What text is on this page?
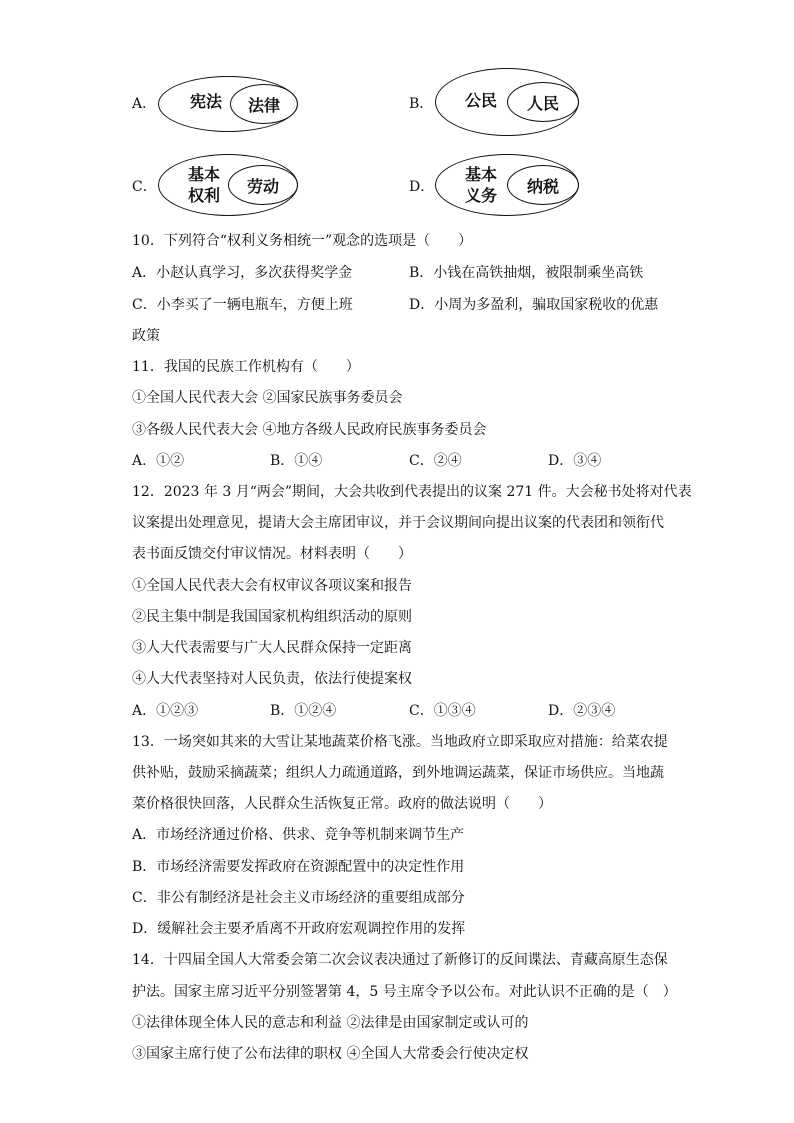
A．	宪法	法律	B．	公民	人民
C．
基本
权利	劳动	D．
基本
义务	纳税
10．下列符合“权利义务相统一”观念的选项是（　　）
A．小赵认真学习，多次获得奖学金	B．小钱在高铁抽烟，被限制乘坐高铁
C．小李买了一辆电瓶车，方便上班	D．小周为多盈利，骗取国家税收的优惠
政策
11．我国的民族工作机构有（　　）
①全国人民代表大会 ②国家民族事务委员会
③各级人民代表大会 ④地方各级人民政府民族事务委员会
A．①②	B．①④	C．②④	D．③④
12．2023 年 3 月“两会”期间，大会共收到代表提出的议案 271 件。大会秘书处将对代表
议案提出处理意见，提请大会主席团审议，并于会议期间向提出议案的代表团和领衔代
表书面反馈交付审议情况。材料表明（　　）
①全国人民代表大会有权审议各项议案和报告
②民主集中制是我国国家机构组织活动的原则
③人大代表需要与广大人民群众保持一定距离
④人大代表坚持对人民负责，依法行使提案权
A．①②③	B．①②④	C．①③④	D．②③④
13．一场突如其来的大雪让某地蔬菜价格飞涨。当地政府立即采取应对措施：给菜农提
供补贴，鼓励采摘蔬菜；组织人力疏通道路，到外地调运蔬菜，保证市场供应。当地蔬
菜价格很快回落，人民群众生活恢复正常。政府的做法说明（　　）
A．市场经济通过价格、供求、竞争等机制来调节生产
B．市场经济需要发挥政府在资源配置中的决定性作用
C．非公有制经济是社会主义市场经济的重要组成部分
D．缓解社会主要矛盾离不开政府宏观调控作用的发挥
14．十四届全国人大常委会第二次会议表决通过了新修订的反间谍法、青藏高原生态保
护法。国家主席习近平分别签署第 4，5 号主席令予以公布。对此认识不正确的是（　）
①法律体现全体人民的意志和利益 ②法律是由国家制定或认可的
③国家主席行使了公布法律的职权 ④全国人大常委会行使决定权
